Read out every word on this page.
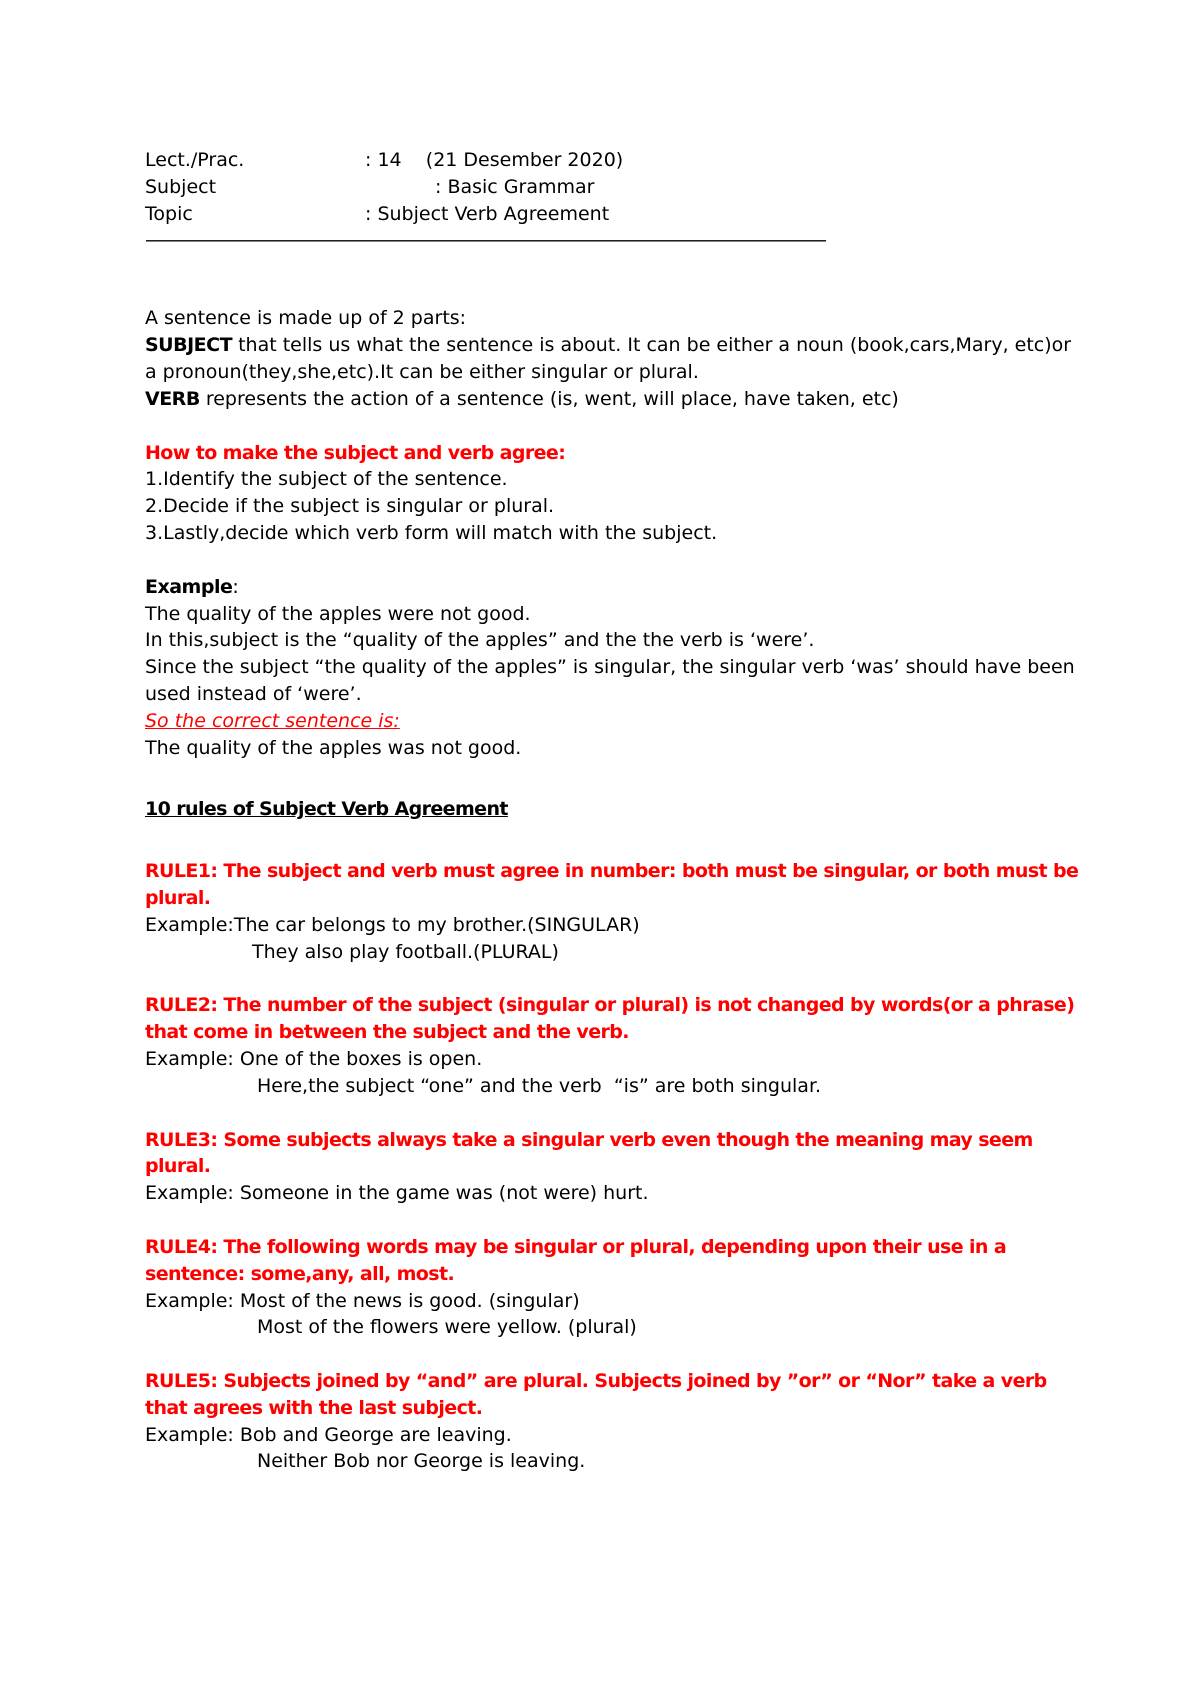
Lect./Prac.	: 14    (21 Desember 2020)
Subject	: Basic Grammar
Topic	: Subject Verb Agreement
————————————————————————————————————————

A sentence is made up of 2 parts:

SUBJECT that tells us what the sentence is about. It can be either a noun (book,cars,Mary, etc)or a pronoun(they,she,etc).It can be either singular or plural.

VERB represents the action of a sentence (is, went, will place, have taken, etc)

How to make the subject and verb agree:

1.Identify the subject of the sentence.

2.Decide if the subject is singular or plural.

3.Lastly,decide which verb form will match with the subject.

Example:

The quality of the apples were not good.

In this,subject is the “quality of the apples” and the the verb is ‘were’.

Since the subject “the quality of the apples” is singular, the singular verb ‘was’ should have been used instead of ‘were’.

So the correct sentence is:

The quality of the apples was not good.

10 rules of Subject Verb Agreement

RULE1: The subject and verb must agree in number: both must be singular, or both must be plural.

Example:The car belongs to my brother.(SINGULAR)

They also play football.(PLURAL)

RULE2: The number of the subject (singular or plural) is not changed by words(or a phrase) that come in between the subject and the verb.

Example: One of the boxes is open.

Here,the subject “one” and the verb  “is” are both singular.

RULE3: Some subjects always take a singular verb even though the meaning may seem plural.

Example: Someone in the game was (not were) hurt.

RULE4: The following words may be singular or plural, depending upon their use in a sentence: some,any, all, most.

Example: Most of the news is good. (singular)

Most of the flowers were yellow. (plural)

RULE5: Subjects joined by “and” are plural. Subjects joined by ”or” or “Nor” take a verb that agrees with the last subject.

Example: Bob and George are leaving.

Neither Bob nor George is leaving.
